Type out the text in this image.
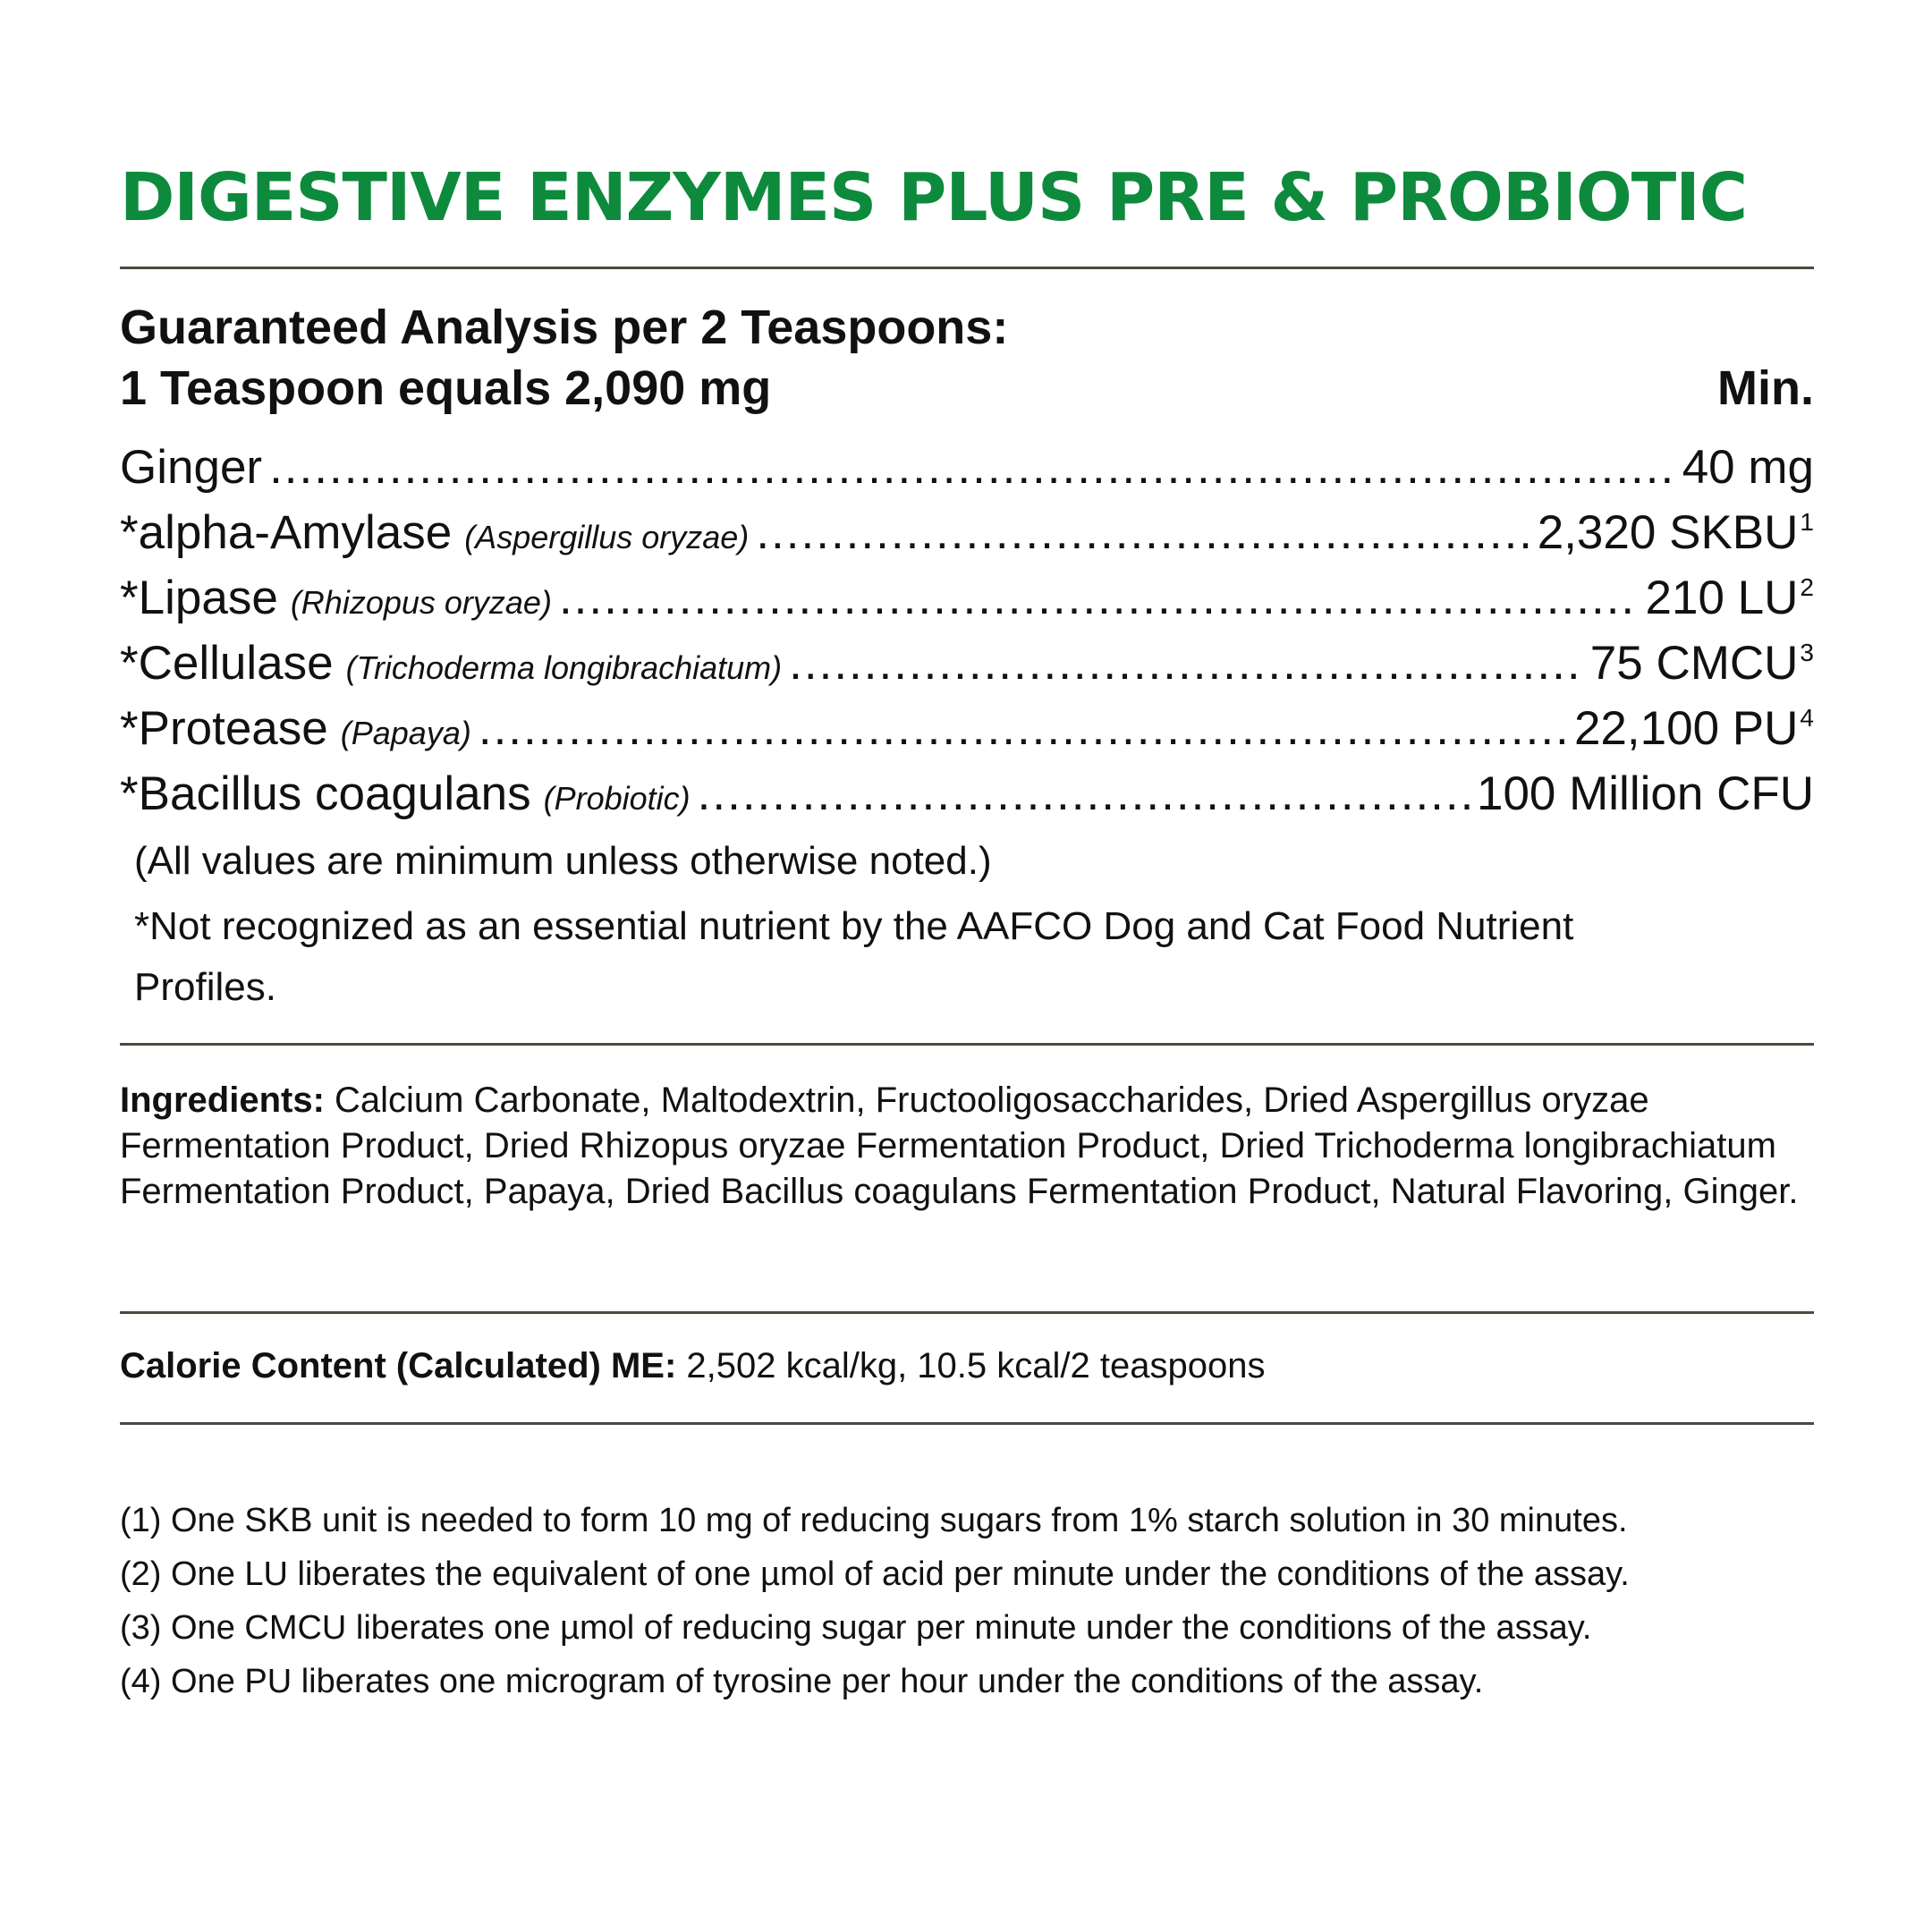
DIGESTIVE ENZYMES PLUS PRE & PROBIOTIC
Guaranteed Analysis per 2 Teaspoons:
1 Teaspoon equals 2,090 mg	Min.
Ginger .....	40 mg
*alpha-Amylase (Aspergillus oryzae) .....	2,320 SKBU$^1$
*Lipase (Rhizopus oryzae) .....	210 $LU^2$
*Cellulase (Trichoderma longibrachiatum) .....	75 CMCU$^3$
*Protease (Papaya) .....	22,100 $PU^4$
*Bacillus coagulans (Probiotic) .....	100 Million CFU
(All values are minimum unless otherwise noted.)
*Not recognized as an essential nutrient by the AAFCO Dog and Cat Food Nutrient Profiles.
Ingredients: Calcium Carbonate, Maltodextrin, Fructooligosaccharides, Dried Aspergillus oryzae Fermentation Product, Dried Rhizopus oryzae Fermentation Product, Dried Trichoderma longibrachiatum Fermentation Product, Papaya, Dried Bacillus coagulans Fermentation Product, Natural Flavoring, Ginger.
Calorie Content (Calculated) ME: 2,502 kcal/kg, 10.5 kcal/2 teaspoons
(1) One SKB unit is needed to form 10 mg of reducing sugars from 1% starch solution in 30 minutes.
(2) One LU liberates the equivalent of one µmol of acid per minute under the conditions of the assay.
(3) One CMCU liberates one µmol of reducing sugar per minute under the conditions of the assay.
(4) One PU liberates one microgram of tyrosine per hour under the conditions of the assay.
